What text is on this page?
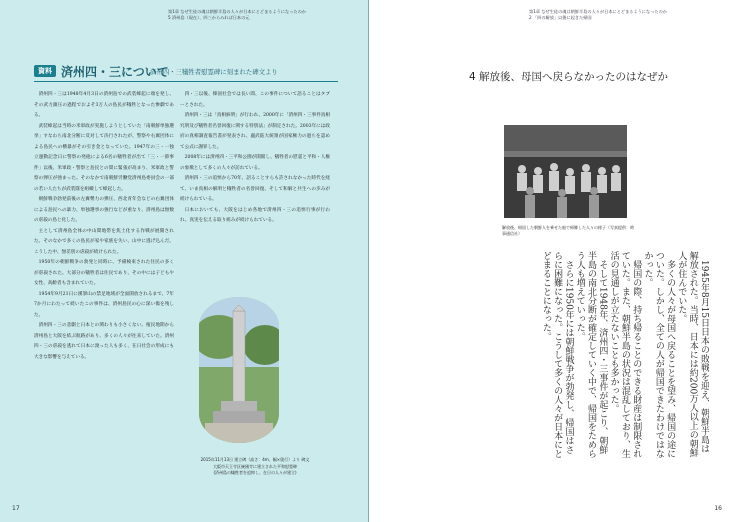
第1章 なぜ生徒の魂は朝鮮半島の人々が日本にとどまるようになったのか
5 済州島（現在）、四三からみれば日本の元
資料 済州四・三について
済州四・三犠牲者慰霊碑に刻まれた碑文より

済州四・三は1948年4月3日の済州島での武装蜂起に端を発し、その武力鎮圧の過程でおよそ3万人の島民が犠牲となった惨劇である。

武装蜂起は当時の米軍政が実施しようとしていた「南朝鮮単独選挙」すなわち南北分断に反対して決行されたが、警察や右翼団体による島民への横暴がその引き金となっていた。1947年の三・一独立運動記念日に警察の発砲による6名の犠牲者が出て「三・一節事件」以後、米軍政・警察と島民との間に緊張が高まり、米軍政と警察の弾圧が強まった。そのなかで南朝鮮労働党済州島委員会の一部の若い人たちが武装隊を組織して蜂起した。

朝鮮戦争勃発前後の左翼勢力の弾圧、西北青年会などの右翼団体による島民への暴力、単独選挙の強行などが重なり、済州島は無数の虐殺の島と化した。

主として済州島全体の中山間地帯を焦土化する作戦が展開された。そのなかで多くの島民が家や家族を失い、山中に逃げ込んだ。こうした中、無差別の虐殺が続けられた。

1950年の朝鮮戦争の勃発と同時に、予備検束された住民の多くが虐殺された。大部分の犠牲者は住民であり、その中には子どもや女性、高齢者も含まれていた。

1954年9月21日に漢拏山の禁足地域が全面開放されるまで、7年7か月にわたって続いたこの事件は、済州島民の心に深い傷を残した。

済州四・三の悲劇と日本との関わりも小さくない。植民地期から済州島と大阪を結ぶ航路があり、多くの人々が往来していた。済州四・三の虐殺を逃れて日本に渡った人も多く、在日社会の形成にも大きな影響を与えている。

四・三以後、韓国社会では長い間、この事件について語ることはタブーとされた。

済州四・三は「真相糾明」が行われ、2000年に「済州四・三事件真相究明及び犠牲者名誉回復に関する特別法」が制定された。2003年には政府の真相調査報告書が発表され、盧武鉉大統領が国家権力の過ちを認めて公式に謝罪した。

2008年には済州四・三平和公園が開館し、犠牲者の慰霊と平和・人権の象徴として多くの人々が訪れている。

済州四・三の追悼から70年、語ることすらも許されなかった時代を経て、いま真相の解明と犠牲者の名誉回復、そして和解と共生への歩みが続けられている。

日本においても、大阪をはじめ各地で済州四・三の追悼行事が行われ、真実を伝える取り組みが続けられている。

2015年11月13日 建立碑（高さ：4m、幅×奥行）より 碑文
大阪市天王寺区統國寺に建立された平和慰霊碑
(済州島の犠牲者を追悼し、在日の人々が建立)
17
第1章 なぜ生徒の魂は朝鮮半島の人々が日本にとどまるようになったのか
2 「四の解放」以後に起きた帰国
4 解放後、母国へ戻らなかったのはなぜか
解放後、帰国した朝鮮人を乗せた船で帰郷した人々の様子（写真提供：時事通信社）

1945年8月15日日本の敗戦を迎え、朝鮮半島は解放された。当時、日本には約200万人以上の朝鮮人が住んでいた。

多くの人々が母国へ戻ることを望み、帰国の途についた。しかし、全ての人が帰国できたわけではなかった。

帰国の際、持ち帰ることのできる財産は制限されていた。また、朝鮮半島の状況は混乱しており、生活の見通しが立たないことも多かった。

そして1948年、済州四・三事件が起こり、朝鮮半島の南北分断が確定していく中で、帰国をためらう人も増えていった。

さらに1950年には朝鮮戦争が勃発し、帰国はさらに困難になった。こうして多くの人々が日本にとどまることになった。

16
